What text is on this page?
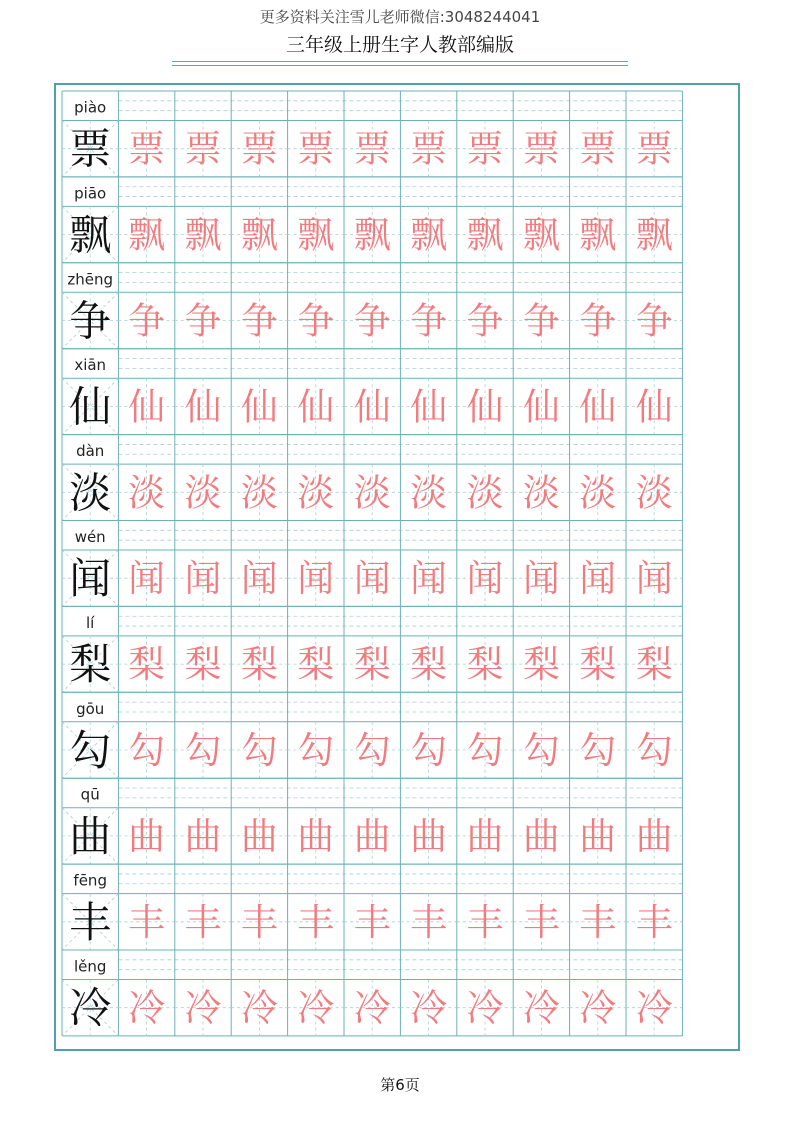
更多资料关注雪儿老师微信:3048244041
三年级上册生字人教部编版
piào
票 票 票 票 票 票 票 票 票 票 票
piāo
飘 飘 飘 飘 飘 飘 飘 飘 飘 飘 飘
zhēng
争 争 争 争 争 争 争 争 争 争 争
xiān
仙 仙 仙 仙 仙 仙 仙 仙 仙 仙 仙
dàn
淡 淡 淡 淡 淡 淡 淡 淡 淡 淡 淡
wén
闻 闻 闻 闻 闻 闻 闻 闻 闻 闻 闻
lí
梨 梨 梨 梨 梨 梨 梨 梨 梨 梨 梨
gōu
勾 勾 勾 勾 勾 勾 勾 勾 勾 勾 勾
qū
曲 曲 曲 曲 曲 曲 曲 曲 曲 曲 曲
fēng
丰 丰 丰 丰 丰 丰 丰 丰 丰 丰 丰
lěng
冷 冷 冷 冷 冷 冷 冷 冷 冷 冷 冷
第6页
